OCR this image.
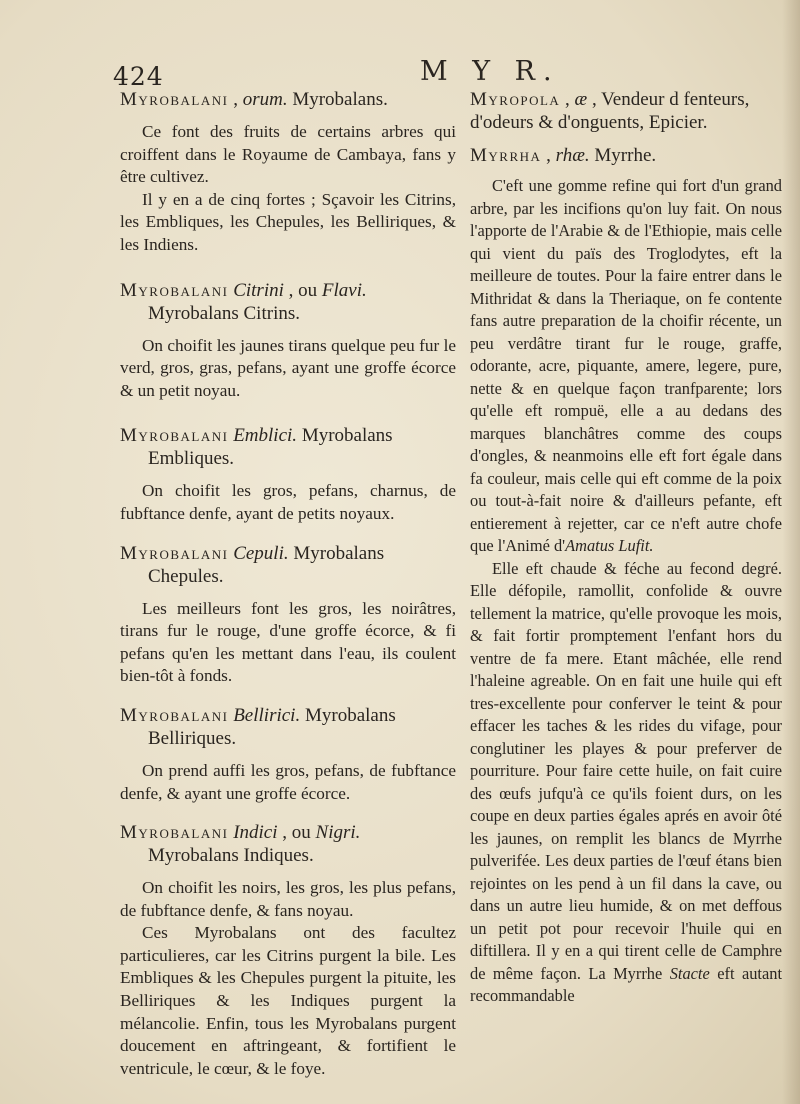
424	M Y R.

Myrobalani , orum. Myrobalans.

Ce font des fruits de certains arbres qui croiffent dans le Royaume de Cambaya, fans y être cultivez.

Il y en a de cinq fortes ; Sçavoir les Citrins, les Embliques, les Chepules, les Belliriques, & les Indiens.

Myrobalani Citrini , ou Flavi.
Myrobalans Citrins.

On choifit les jaunes tirans quelque peu fur le verd, gros, gras, pefans, ayant une groffe écorce & un petit noyau.

Myrobalani Emblici. Myrobalans
Embliques.

On choifit les gros, pefans, charnus, de fubftance denfe, ayant de petits noyaux.

Myrobalani Cepuli. Myrobalans
Chepules.

Les meilleurs font les gros, les noirâtres, tirans fur le rouge, d'une groffe écorce, & fi pefans qu'en les mettant dans l'eau, ils coulent bien-tôt à fonds.

Myrobalani Bellirici. Myrobalans
Belliriques.

On prend auffi les gros, pefans, de fubftance denfe, & ayant une groffe écorce.

Myrobalani Indici , ou Nigri.
Myrobalans Indiques.

On choifit les noirs, les gros, les plus pefans, de fubftance denfe, & fans noyau.

Ces Myrobalans ont des facultez particulieres, car les Citrins purgent la bile. Les Embliques & les Chepules purgent la pituite, les Belliriques & les Indiques purgent la mélancolie. Enfin, tous les Myrobalans purgent doucement en aftringeant, & fortifient le ventricule, le cœur, & le foye.

Myropola , æ , Vendeur d fenteurs, d'odeurs & d'onguents, Epicier.

Myrrha , rhæ. Myrrhe.

C'eft une gomme refine qui fort d'un grand arbre, par les incifions qu'on luy fait. On nous l'apporte de l'Arabie & de l'Ethiopie, mais celle qui vient du païs des Troglodytes, eft la meilleure de toutes. Pour la faire entrer dans le Mithridat & dans la Theriaque, on fe contente fans autre preparation de la choifir récente, un peu verdâtre tirant fur le rouge, graffe, odorante, acre, piquante, amere, legere, pure, nette & en quelque façon tranfparente; lors qu'elle eft rompuë, elle a au dedans des marques blanchâtres comme des coups d'ongles, & neanmoins elle eft fort égale dans fa couleur, mais celle qui eft comme de la poix ou tout-à-fait noire & d'ailleurs pefante, eft entierement à rejetter, car ce n'eft autre chofe que l'Animé d'Amatus Lufit.

Elle eft chaude & féche au fecond degré. Elle défopile, ramollit, confolide & ouvre tellement la matrice, qu'elle provoque les mois, & fait fortir promptement l'enfant hors du ventre de fa mere. Etant mâchée, elle rend l'haleine agreable. On en fait une huile qui eft tres-excellente pour conferver le teint & pour effacer les taches & les rides du vifage, pour conglutiner les playes & pour preferver de pourriture. Pour faire cette huile, on fait cuire des œufs jufqu'à ce qu'ils foient durs, on les coupe en deux parties égales aprés en avoir ôté les jaunes, on remplit les blancs de Myrrhe pulverifée. Les deux parties de l'œuf étans bien rejointes on les pend à un fil dans la cave, ou dans un autre lieu humide, & on met deffous un petit pot pour recevoir l'huile qui en diftillera. Il y en a qui tirent celle de Camphre de même façon. La Myrrhe Stacte eft autant recommandable
